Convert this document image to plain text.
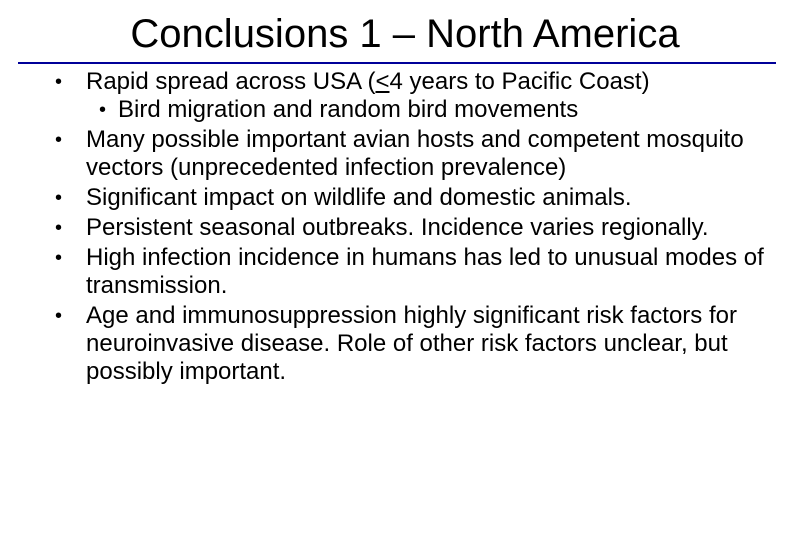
Conclusions 1 – North America
• Rapid spread across USA (<4 years to Pacific Coast)
• Bird migration and random bird movements
• Many possible important avian hosts and competent mosquito vectors (unprecedented infection prevalence)
• Significant impact on wildlife and domestic animals.
• Persistent seasonal outbreaks. Incidence varies regionally.
• High infection incidence in humans has led to unusual modes of transmission.
• Age and immunosuppression highly significant risk factors for neuroinvasive disease. Role of other risk factors unclear, but possibly important.
